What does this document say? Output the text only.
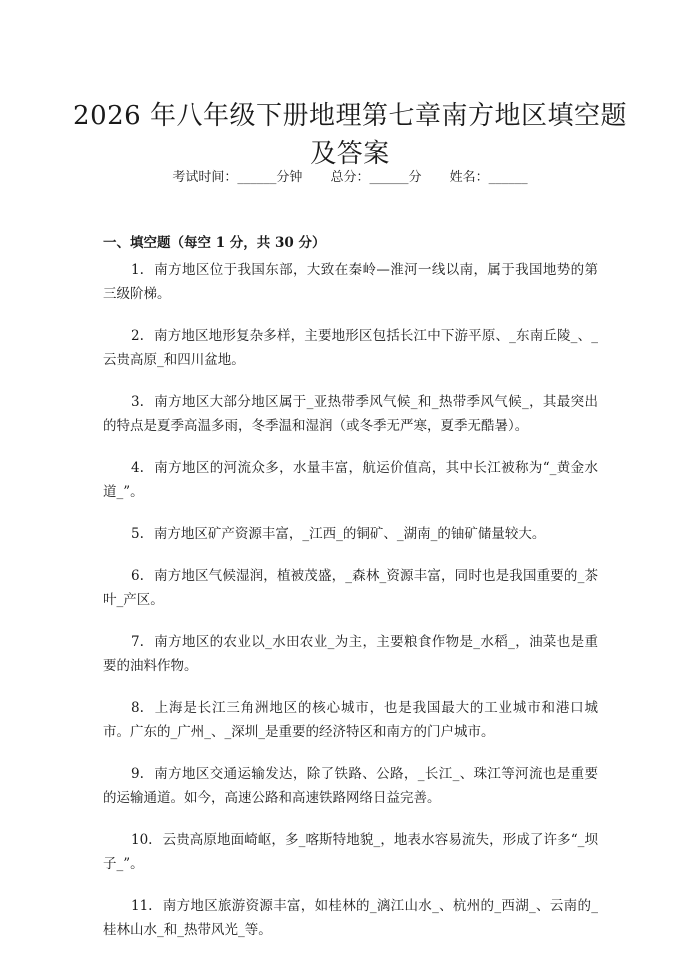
2026 年八年级下册地理第七章南方地区填空题及答案
考试时间：______分钟 总分：______分 姓名：______
一、填空题（每空 1 分，共 30 分）

1. 南方地区位于我国东部，大致在秦岭—淮河一线以南，属于我国地势的第三级阶梯。

2. 南方地区地形复杂多样，主要地形区包括长江中下游平原、_东南丘陵_、_云贵高原_和四川盆地。

3. 南方地区大部分地区属于_亚热带季风气候_和_热带季风气候_，其最突出的特点是夏季高温多雨，冬季温和湿润（或冬季无严寒，夏季无酷暑）。

4. 南方地区的河流众多，水量丰富，航运价值高，其中长江被称为“_黄金水道_”。

5. 南方地区矿产资源丰富，_江西_的铜矿、_湖南_的铀矿储量较大。

6. 南方地区气候湿润，植被茂盛，_森林_资源丰富，同时也是我国重要的_茶叶_产区。

7. 南方地区的农业以_水田农业_为主，主要粮食作物是_水稻_，油菜也是重要的油料作物。

8. 上海是长江三角洲地区的核心城市，也是我国最大的工业城市和港口城市。广东的_广州_、_深圳_是重要的经济特区和南方的门户城市。

9. 南方地区交通运输发达，除了铁路、公路，_长江_、珠江等河流也是重要的运输通道。如今，高速公路和高速铁路网络日益完善。

10. 云贵高原地面崎岖，多_喀斯特地貌_，地表水容易流失，形成了许多“_坝子_”。

11. 南方地区旅游资源丰富，如桂林的_漓江山水_、杭州的_西湖_、云南的_桂林山水_和_热带风光_等。
